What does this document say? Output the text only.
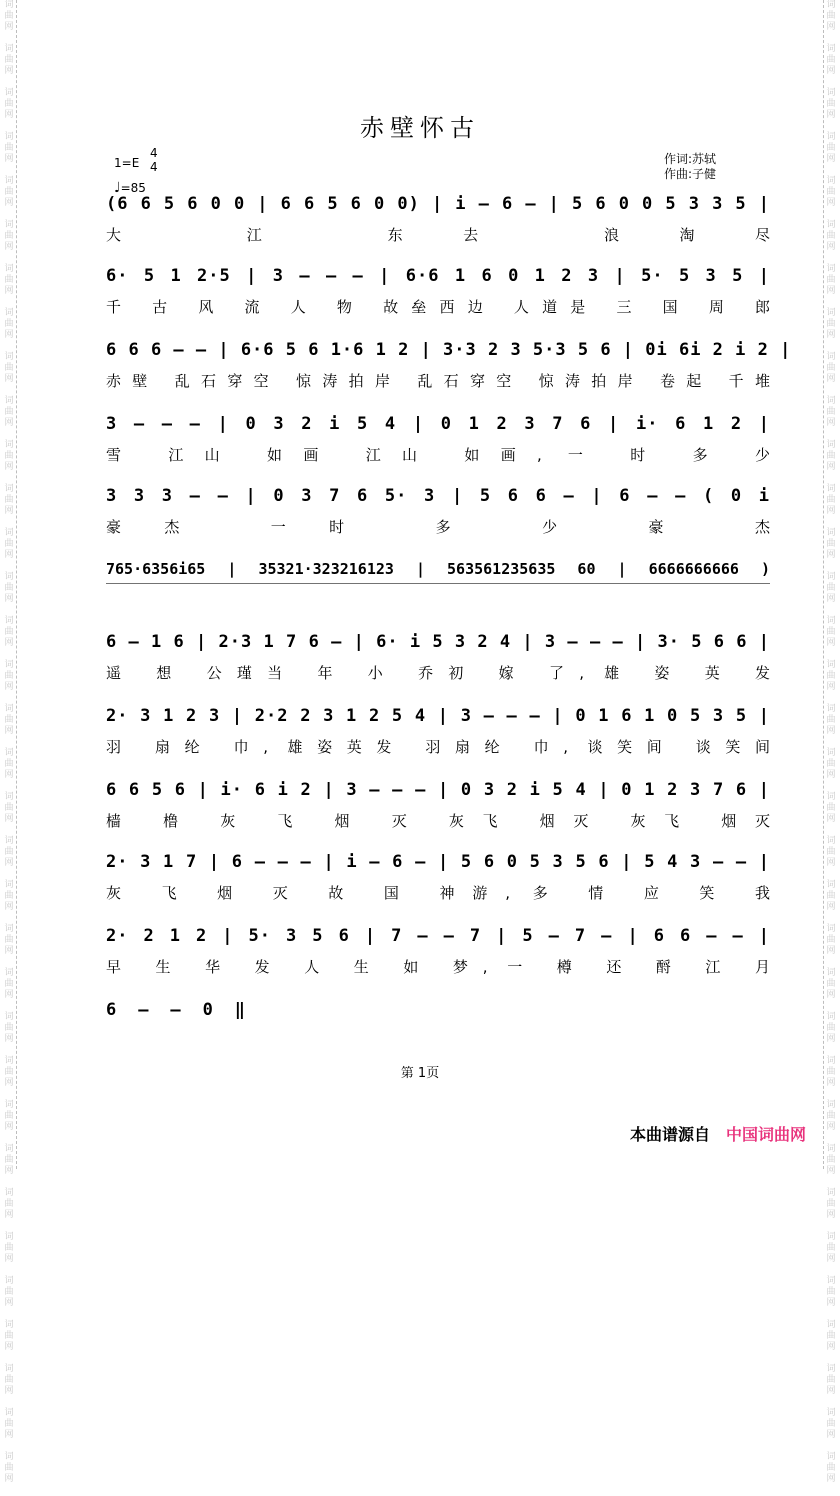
词
曲
网

词
曲
网

词
曲
网

词
曲
网

词
曲
网

词
曲
网

词
曲
网

词
曲
网

词
曲
网

词
曲
网

词
曲
网

词
曲
网

词
曲
网

词
曲
网

词
曲
网

词
曲
网

词
曲
网

词
曲
网

词
曲
网

词
曲
网

词
曲
网

词
曲
网

词
曲
网

词
曲
网

词
曲
网

词
曲
网

词
曲
网

词
曲
网

词
曲
网

词
曲
网

词
曲
网

词
曲
网

词
曲
网

词
曲
网

词
曲
网

词
曲
网

词
曲
网

词
曲
网

词
曲
网

词
曲
网

词
曲
网

词
曲
网

词
曲
网

词
曲
网

词
曲
网

词
曲
网

词
曲
网

词
曲
网

词
曲
网

词
曲
网

词
曲
网

词
曲
网

词
曲
网

词
曲
网

词
曲
网

词
曲
网

词
曲
网

词
曲
网

词
曲
网

词
曲
网

词
曲
网

词
曲
网

词
曲
网

词
曲
网

词
曲
网

词
曲
网

词
曲
网

词
曲
网

赤壁怀古
1=E
4
4
♩=85
作词:苏轼
作曲:子健
(6 6 5 6 0 0 | 6 6 5 6 0 0) | i — 6 — | 5 6 0 0 5 3 3 5 |
大 江 东去 浪淘尽
6· 5 1 2·5 | 3 — — — | 6·6 1 6 0 1 2 3 | 5· 5 3 5 |
千 古 风 流 人 物 故垒西边 人道是 三 国 周 郎
6 6 6 — — | 6·6 5 6 1·6 1 2 | 3·3 2 3 5·3 5 6 | 0i 6i 2 i 2 |
赤壁 乱石穿空 惊涛拍岸 乱石穿空 惊涛拍岸 卷起 千堆
3 — — — | 0 3 2 i 5 4 | 0 1 2 3 7 6 | i· 6 1 2 |
雪 江山 如画 江山 如画, 一 时 多 少
3 3 3 — — | 0 3 7 6 5· 3 | 5 6 6 — | 6 — — ( 0 i
豪杰 一时 多 少 豪 杰
765·6356i65 | 35321·323216123 | 563561235635 60 | 6666666666 )
6 — 1 6 | 2·3 1 7 6 — | 6· i 5 3 2 4 | 3 — — — | 3· 5 6 6 |
遥 想 公瑾当 年 小 乔初 嫁 了, 雄 姿 英 发
2· 3 1 2 3 | 2·2 2 3 1 2 5 4 | 3 — — — | 0 1 6 1 0 5 3 5 |
羽 扇纶 巾, 雄姿英发 羽扇纶 巾, 谈笑间 谈笑间
6 6 5 6 | i· 6 i 2 | 3 — — — | 0 3 2 i 5 4 | 0 1 2 3 7 6 |
樯 橹 灰 飞 烟 灭 灰飞 烟灭 灰飞 烟灭
2· 3 1 7 | 6 — — — | i — 6 — | 5 6 0 5 3 5 6 | 5 4 3 — — |
灰 飞 烟 灭 故 国 神游, 多 情 应 笑 我
2· 2 1 2 | 5· 3 5 6 | 7 — — 7 | 5 — 7 — | 6 6 — — |
早 生 华 发 人 生 如 梦, 一 樽 还 酹 江 月
6 — — 0 ‖
第 1页
本曲谱源自 中国词曲网
